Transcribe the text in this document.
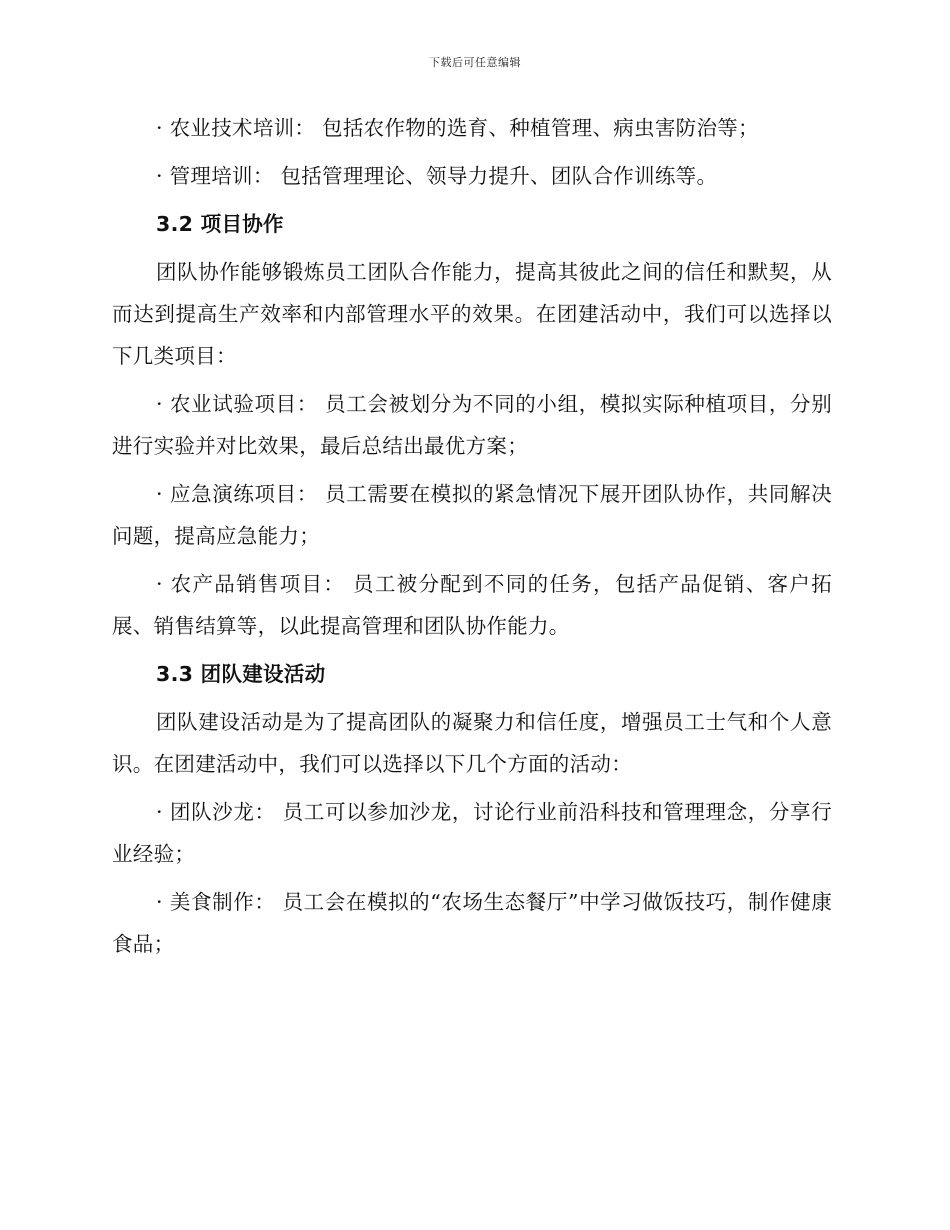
下载后可任意编辑

· 农业技术培训： 包括农作物的选育、种植管理、病虫害防治等；

· 管理培训： 包括管理理论、领导力提升、团队合作训练等。

3.2 项目协作

团队协作能够锻炼员工团队合作能力，提高其彼此之间的信任和默契，从而达到提高生产效率和内部管理水平的效果。在团建活动中，我们可以选择以下几类项目：

· 农业试验项目： 员工会被划分为不同的小组，模拟实际种植项目，分别进行实验并对比效果，最后总结出最优方案；

· 应急演练项目： 员工需要在模拟的紧急情况下展开团队协作，共同解决问题，提高应急能力；

· 农产品销售项目： 员工被分配到不同的任务，包括产品促销、客户拓展、销售结算等，以此提高管理和团队协作能力。

3.3 团队建设活动

团队建设活动是为了提高团队的凝聚力和信任度，增强员工士气和个人意识。在团建活动中，我们可以选择以下几个方面的活动：

· 团队沙龙： 员工可以参加沙龙，讨论行业前沿科技和管理理念，分享行业经验；

· 美食制作： 员工会在模拟的“农场生态餐厅”中学习做饭技巧，制作健康食品；
